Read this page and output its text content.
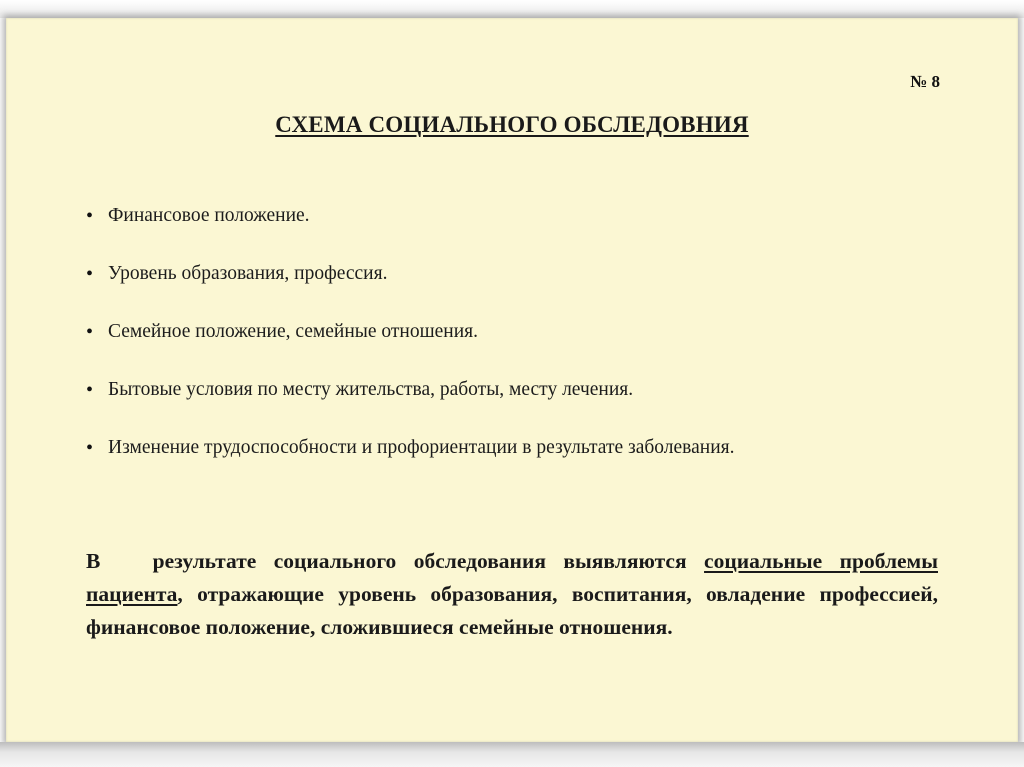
№ 8
СХЕМА СОЦИАЛЬНОГО ОБСЛЕДОВНИЯ
• Финансовое положение.
• Уровень образования, профессия.
• Семейное положение, семейные отношения.
• Бытовые условия по месту жительства, работы, месту лечения.
• Изменение трудоспособности и профориентации в результате заболевания.
В   результате социального обследования выявляются социальные проблемы пациента, отражающие уровень образования, воспитания, овладение профессией, финансовое положение, сложившиеся семейные отношения.
